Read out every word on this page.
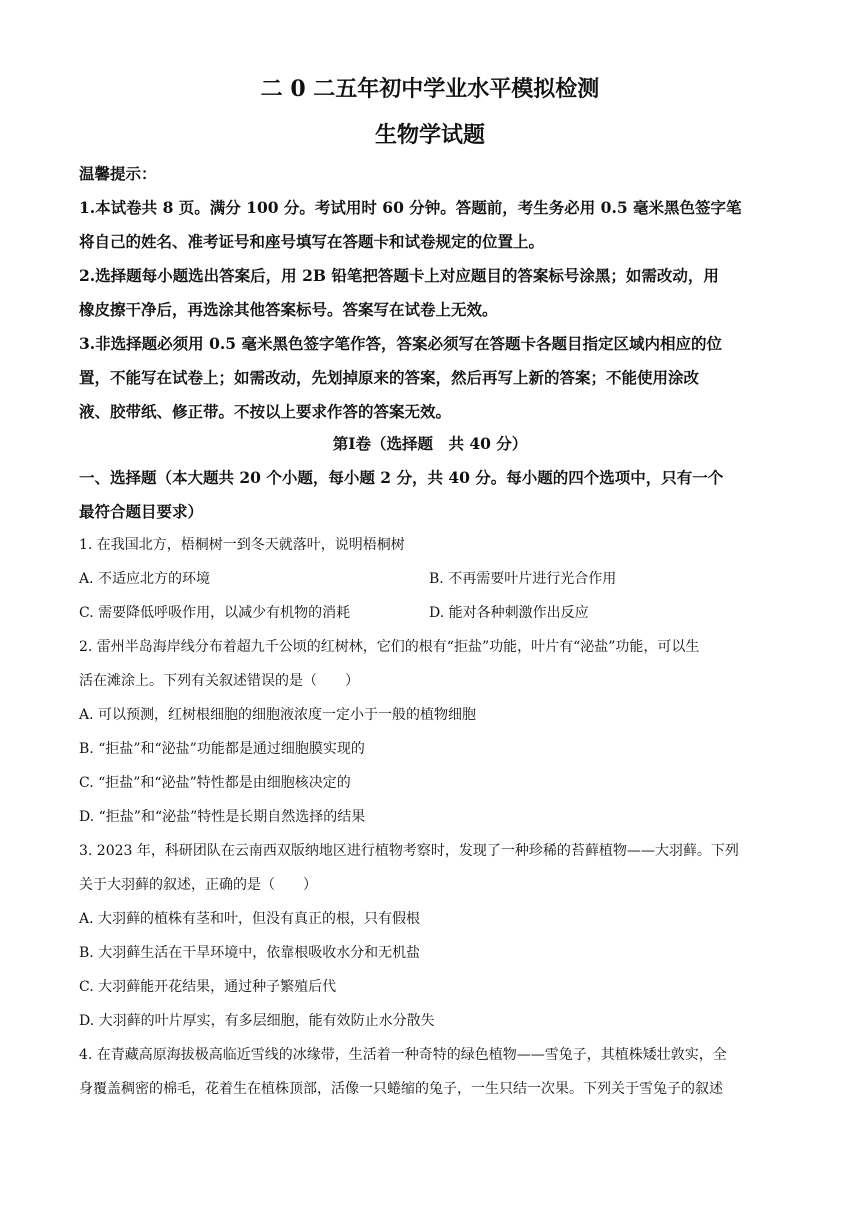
二 0 二五年初中学业水平模拟检测
生物学试题
温馨提示：
1.本试卷共 8 页。满分 100 分。考试用时 60 分钟。答题前，考生务必用 0.5 毫米黑色签字笔
将自己的姓名、准考证号和座号填写在答题卡和试卷规定的位置上。
2.选择题每小题选出答案后，用 2B 铅笔把答题卡上对应题目的答案标号涂黑；如需改动，用
橡皮擦干净后，再选涂其他答案标号。答案写在试卷上无效。
3.非选择题必须用 0.5 毫米黑色签字笔作答，答案必须写在答题卡各题目指定区域内相应的位
置，不能写在试卷上；如需改动，先划掉原来的答案，然后再写上新的答案；不能使用涂改
液、胶带纸、修正带。不按以上要求作答的答案无效。
第Ⅰ卷（选择题　共 40 分）
一、选择题（本大题共 20 个小题，每小题 2 分，共 40 分。每小题的四个选项中，只有一个
最符合题目要求）
1. 在我国北方，梧桐树一到冬天就落叶，说明梧桐树
A. 不适应北方的环境	B. 不再需要叶片进行光合作用
C. 需要降低呼吸作用，以减少有机物的消耗	D. 能对各种刺激作出反应
2. 雷州半岛海岸线分布着超九千公顷的红树林，它们的根有“拒盐”功能，叶片有“泌盐”功能，可以生
活在滩涂上。下列有关叙述错误的是（　　）
A. 可以预测，红树根细胞的细胞液浓度一定小于一般的植物细胞
B. “拒盐”和“泌盐”功能都是通过细胞膜实现的
C. “拒盐”和“泌盐”特性都是由细胞核决定的
D. “拒盐”和“泌盐”特性是长期自然选择的结果
3. 2023 年，科研团队在云南西双版纳地区进行植物考察时，发现了一种珍稀的苔藓植物——大羽藓。下列
关于大羽藓的叙述，正确的是（　　）
A. 大羽藓的植株有茎和叶，但没有真正的根，只有假根
B. 大羽藓生活在干旱环境中，依靠根吸收水分和无机盐
C. 大羽藓能开花结果，通过种子繁殖后代
D. 大羽藓的叶片厚实，有多层细胞，能有效防止水分散失
4. 在青藏高原海拔极高临近雪线的冰缘带，生活着一种奇特的绿色植物——雪兔子，其植株矮壮敦实，全
身覆盖稠密的棉毛，花着生在植株顶部，活像一只蜷缩的兔子，一生只结一次果。下列关于雪兔子的叙述
